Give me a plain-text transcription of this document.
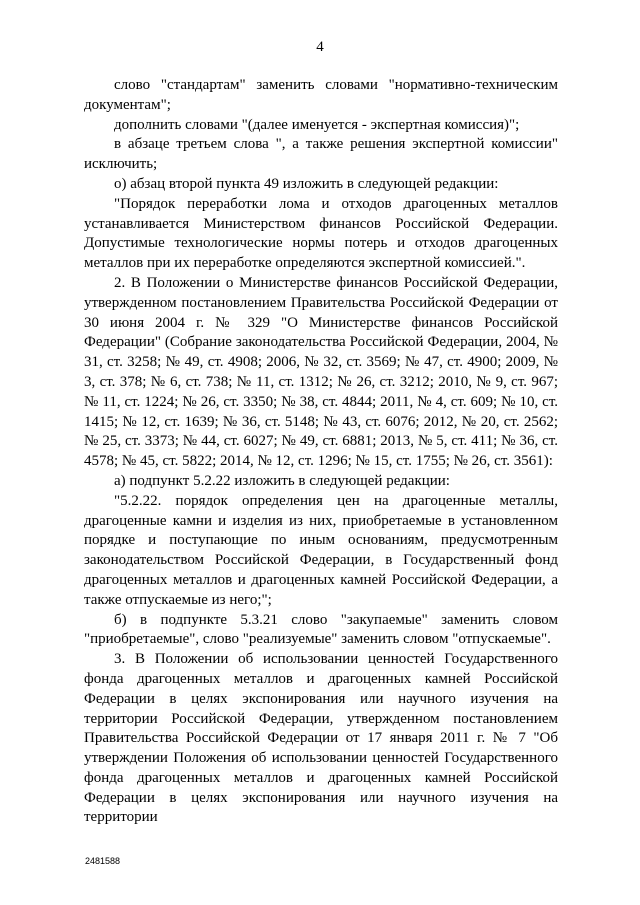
4

слово "стандартам" заменить словами "нормативно-техническим документам";

дополнить словами "(далее именуется - экспертная комиссия)";

в абзаце третьем слова ", а также решения экспертной комиссии" исключить;

о) абзац второй пункта 49 изложить в следующей редакции:

"Порядок переработки лома и отходов драгоценных металлов устанавливается Министерством финансов Российской Федерации. Допустимые технологические нормы потерь и отходов драгоценных металлов при их переработке определяются экспертной комиссией.".

2. В Положении о Министерстве финансов Российской Федерации, утвержденном постановлением Правительства Российской Федерации от 30 июня 2004 г. № 329 "О Министерстве финансов Российской Федерации" (Собрание законодательства Российской Федерации, 2004, № 31, ст. 3258; № 49, ст. 4908; 2006, № 32, ст. 3569; № 47, ст. 4900; 2009, № 3, ст. 378; № 6, ст. 738; № 11, ст. 1312; № 26, ст. 3212; 2010, № 9, ст. 967; № 11, ст. 1224; № 26, ст. 3350; № 38, ст. 4844; 2011, № 4, ст. 609; № 10, ст. 1415; № 12, ст. 1639; № 36, ст. 5148; № 43, ст. 6076; 2012, № 20, ст. 2562; № 25, ст. 3373; № 44, ст. 6027; № 49, ст. 6881; 2013, № 5, ст. 411; № 36, ст. 4578; № 45, ст. 5822; 2014, № 12, ст. 1296; № 15, ст. 1755; № 26, ст. 3561):

а) подпункт 5.2.22 изложить в следующей редакции:

"5.2.22. порядок определения цен на драгоценные металлы, драгоценные камни и изделия из них, приобретаемые в установленном порядке и поступающие по иным основаниям, предусмотренным законодательством Российской Федерации, в Государственный фонд драгоценных металлов и драгоценных камней Российской Федерации, а также отпускаемые из него;";

б) в подпункте 5.3.21 слово "закупаемые" заменить словом "приобретаемые", слово "реализуемые" заменить словом "отпускаемые".

3. В Положении об использовании ценностей Государственного фонда драгоценных металлов и драгоценных камней Российской Федерации в целях экспонирования или научного изучения на территории Российской Федерации, утвержденном постановлением Правительства Российской Федерации от 17 января 2011 г. № 7 "Об утверждении Положения об использовании ценностей Государственного фонда драгоценных металлов и драгоценных камней Российской Федерации в целях экспонирования или научного изучения на территории

2481588
